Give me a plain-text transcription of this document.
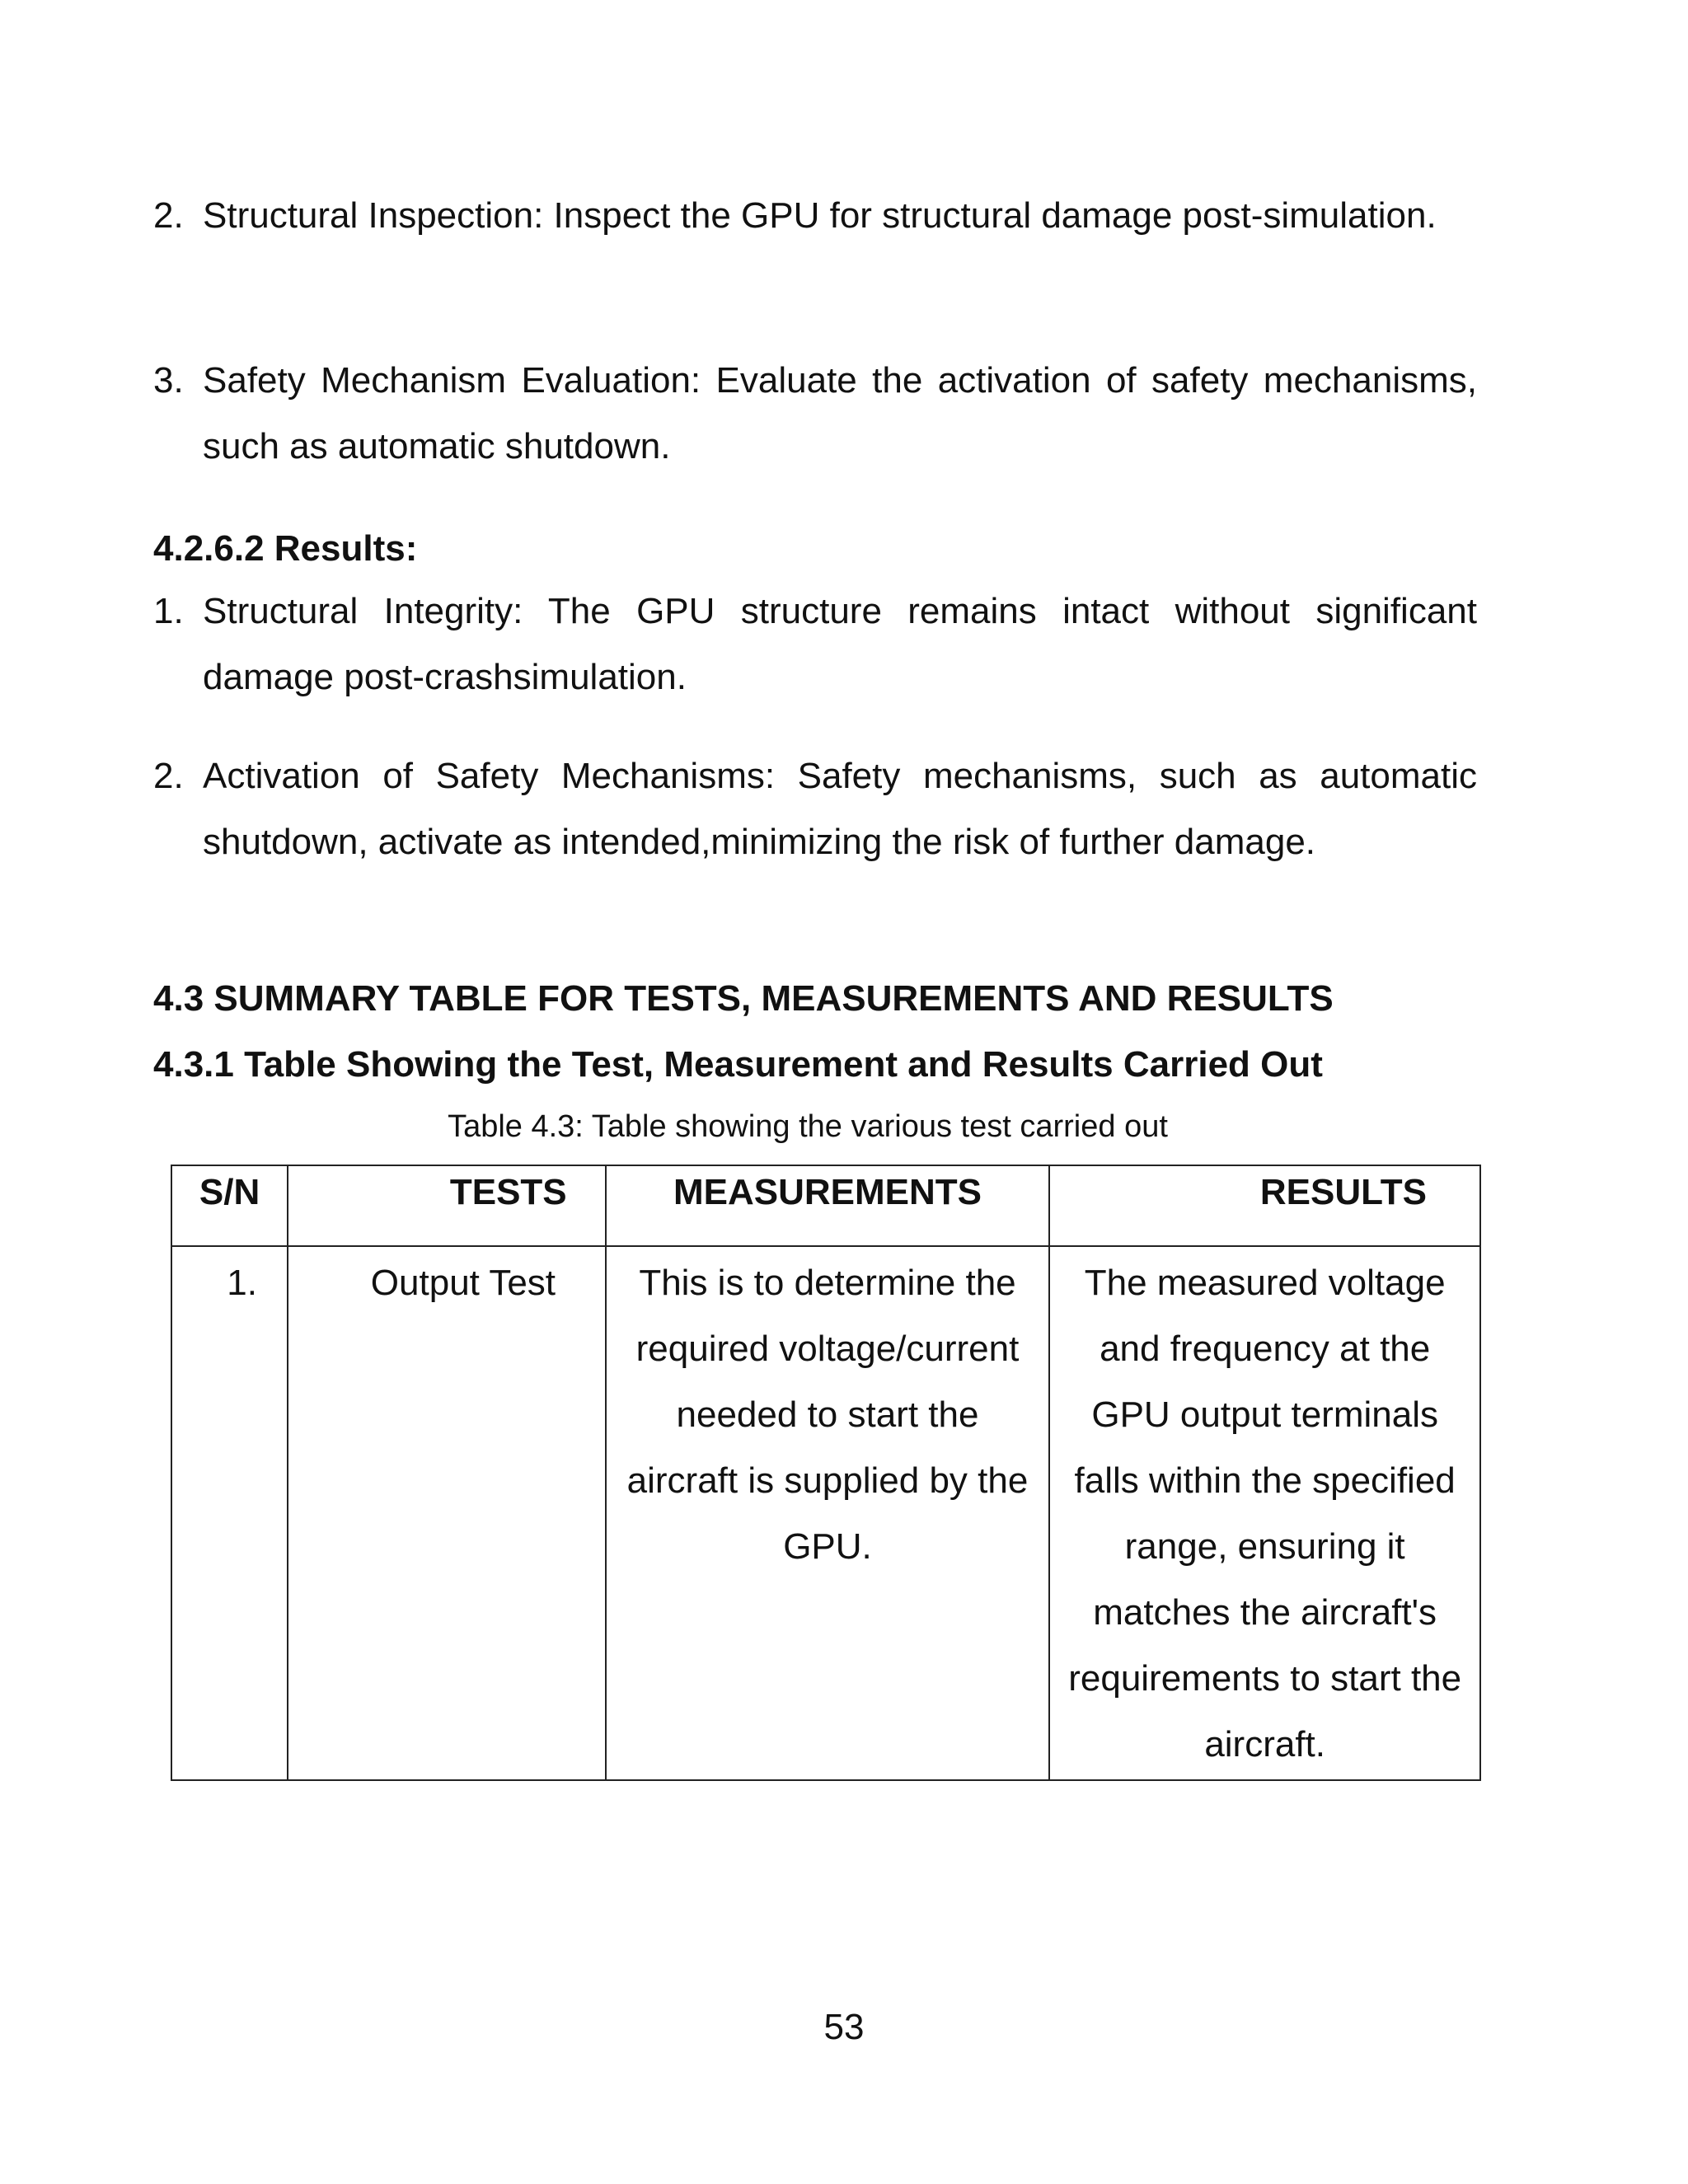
2. Structural Inspection: Inspect the GPU for structural damage post-simulation.
3. Safety Mechanism Evaluation: Evaluate the activation of safety mechanisms, such as automatic shutdown.
4.2.6.2 Results:
1. Structural Integrity: The GPU structure remains intact without significant damage post-crashsimulation.
2. Activation of Safety Mechanisms: Safety mechanisms, such as automatic shutdown, activate as intended,minimizing the risk of further damage.
4.3 SUMMARY TABLE FOR TESTS, MEASUREMENTS AND RESULTS
4.3.1 Table Showing the Test, Measurement and Results Carried Out
Table 4.3: Table showing the various test carried out
S/N	TESTS	MEASUREMENTS	RESULTS
1.	Output Test	This is to determine the required voltage/current needed to start the aircraft is supplied by the GPU.	The measured voltage and frequency at the GPU output terminals falls within the specified range, ensuring it matches the aircraft's requirements to start the aircraft.
53
